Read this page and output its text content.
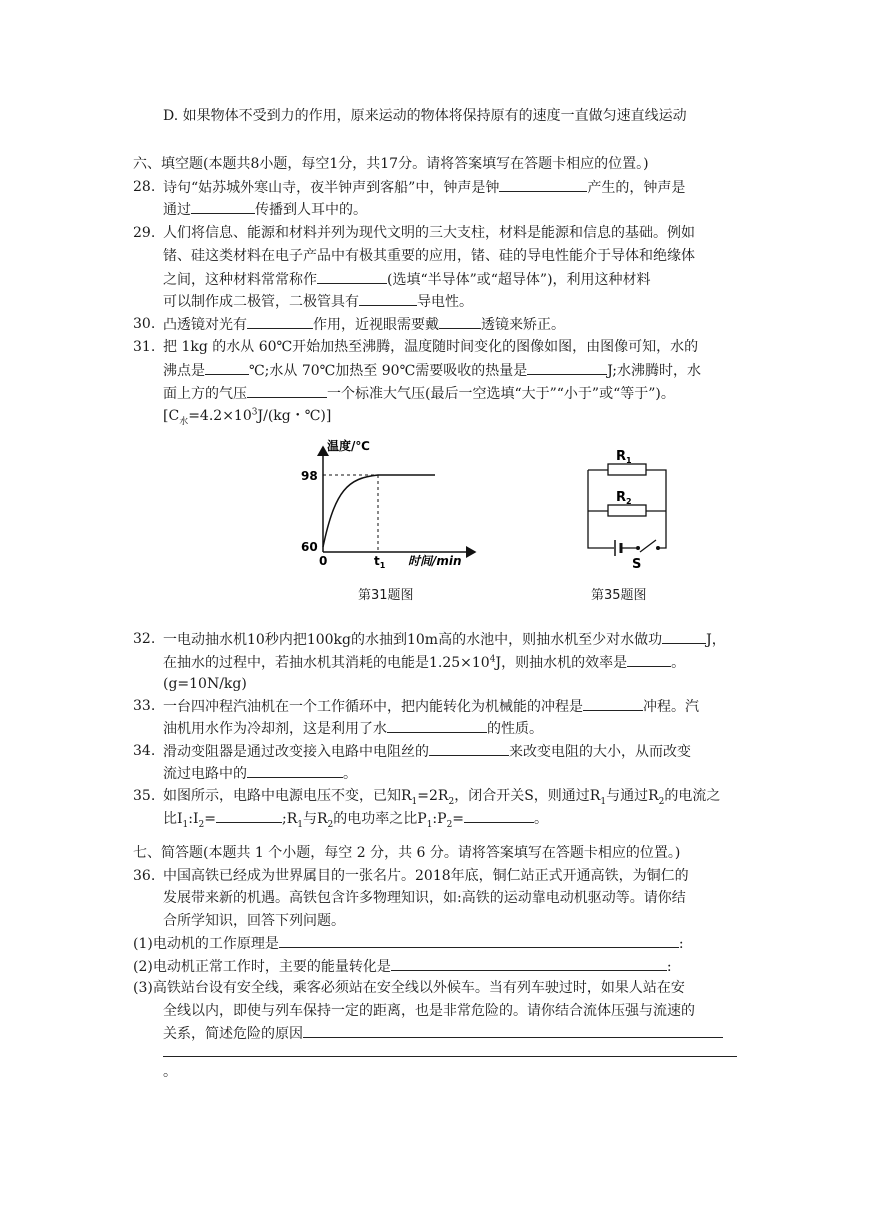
D. 如果物体不受到力的作用，原来运动的物体将保持原有的速度一直做匀速直线运动
六、填空题(本题共8小题，每空1分，共17分。请将答案填写在答题卡相应的位置。)
28. 诗句“姑苏城外寒山寺，夜半钟声到客船”中，钟声是钟	产生的，钟声是
通过	传播到人耳中的。
29. 人们将信息、能源和材料并列为现代文明的三大支柱，材料是能源和信息的基础。例如
锗、硅这类材料在电子产品中有极其重要的应用，锗、硅的导电性能介于导体和绝缘体
之间，这种材料常常称作	(选填“半导体”或“超导体”)，利用这种材料
可以制作成二极管，二极管具有	导电性。
30. 凸透镜对光有	作用，近视眼需要戴	透镜来矫正。
31. 把 1kg 的水从 60℃开始加热至沸腾，温度随时间变化的图像如图，由图像可知，水的
沸点是	℃;水从 70℃加热至 90℃需要吸收的热量是	J;水沸腾时，水
面上方的气压	一个标准大气压(最后一空选填“大于”“小于”或“等于”)。
[$C_水=4.2\times 10^3J/(kg$・℃)]
温度/℃
时间/min
98
60
0	$t_1$
第31题图
$R_1$
$R_2$
S
第35题图
32. 一电动抽水机10秒内把100kg的水抽到10m高的水池中，则抽水机至少对水做功	J，
在抽水的过程中，若抽水机其消耗的电能是$1.25\times 10^4J$，则抽水机的效率是	。
(g=10N/kg)
33. 一台四冲程汽油机在一个工作循环中，把内能转化为机械能的冲程是	冲程。汽
油机用水作为冷却剂，这是利用了水	的性质。
34. 滑动变阻器是通过改变接入电路中电阻丝的	来改变电阻的大小，从而改变
流过电路中的	。
35. 如图所示，电路中电源电压不变，已知$R_1=2R_2$，闭合开关S，则通过$R_1$与通过$R_2$的电流之
比$I_1:I_2=$	$;R_1$与$R_2$的电功率之比$P_1:P_2=$	。
七、简答题(本题共 1 个小题，每空 2 分，共 6 分。请将答案填写在答题卡相应的位置。)
36. 中国高铁已经成为世界属目的一张名片。2018年底，铜仁站正式开通高铁，为铜仁的
发展带来新的机遇。高铁包含许多物理知识，如:高铁的运动靠电动机驱动等。请你结
合所学知识，回答下列问题。
(1)电动机的工作原理是	:
(2)电动机正常工作时，主要的能量转化是	:
(3)高铁站台设有安全线，乘客必须站在安全线以外候车。当有列车驶过时，如果人站在安
全线以内，即使与列车保持一定的距离，也是非常危险的。请你结合流体压强与流速的
关系，简述危险的原因
。
